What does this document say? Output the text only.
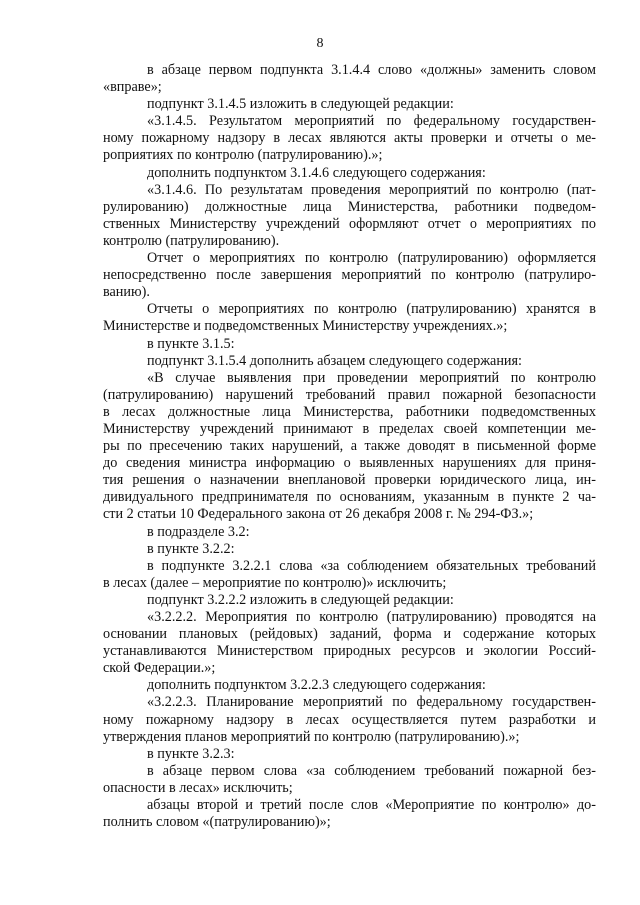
8
в абзаце первом подпункта 3.1.4.4 слово «должны» заменить словом
«вправе»;
подпункт 3.1.4.5 изложить в следующей редакции:
«3.1.4.5. Результатом мероприятий по федеральному государствен-
ному пожарному надзору в лесах являются акты проверки и отчеты о ме-
роприятиях по контролю (патрулированию).»;
дополнить подпунктом 3.1.4.6 следующего содержания:
«3.1.4.6. По результатам проведения мероприятий по контролю (пат-
рулированию) должностные лица Министерства, работники подведом-
ственных Министерству учреждений оформляют отчет о мероприятиях по
контролю (патрулированию).
Отчет о мероприятиях по контролю (патрулированию) оформляется
непосредственно после завершения мероприятий по контролю (патрулиро-
ванию).
Отчеты о мероприятиях по контролю (патрулированию) хранятся в
Министерстве и подведомственных Министерству учреждениях.»;
в пункте 3.1.5:
подпункт 3.1.5.4 дополнить абзацем следующего содержания:
«В случае выявления при проведении мероприятий по контролю
(патрулированию) нарушений требований правил пожарной безопасности
в лесах должностные лица Министерства, работники подведомственных
Министерству учреждений принимают в пределах своей компетенции ме-
ры по пресечению таких нарушений, а также доводят в письменной форме
до сведения министра информацию о выявленных нарушениях для приня-
тия решения о назначении внеплановой проверки юридического лица, ин-
дивидуального предпринимателя по основаниям, указанным в пункте 2 ча-
сти 2 статьи 10 Федерального закона от 26 декабря 2008 г. № 294-ФЗ.»;
в подразделе 3.2:
в пункте 3.2.2:
в подпункте 3.2.2.1 слова «за соблюдением обязательных требований
в лесах (далее – мероприятие по контролю)» исключить;
подпункт 3.2.2.2 изложить в следующей редакции:
«3.2.2.2. Мероприятия по контролю (патрулированию) проводятся на
основании плановых (рейдовых) заданий, форма и содержание которых
устанавливаются Министерством природных ресурсов и экологии Россий-
ской Федерации.»;
дополнить подпунктом 3.2.2.3 следующего содержания:
«3.2.2.3. Планирование мероприятий по федеральному государствен-
ному пожарному надзору в лесах осуществляется путем разработки и
утверждения планов мероприятий по контролю (патрулированию).»;
в пункте 3.2.3:
в абзаце первом слова «за соблюдением требований пожарной без-
опасности в лесах» исключить;
абзацы второй и третий после слов «Мероприятие по контролю» до-
полнить словом «(патрулированию)»;
